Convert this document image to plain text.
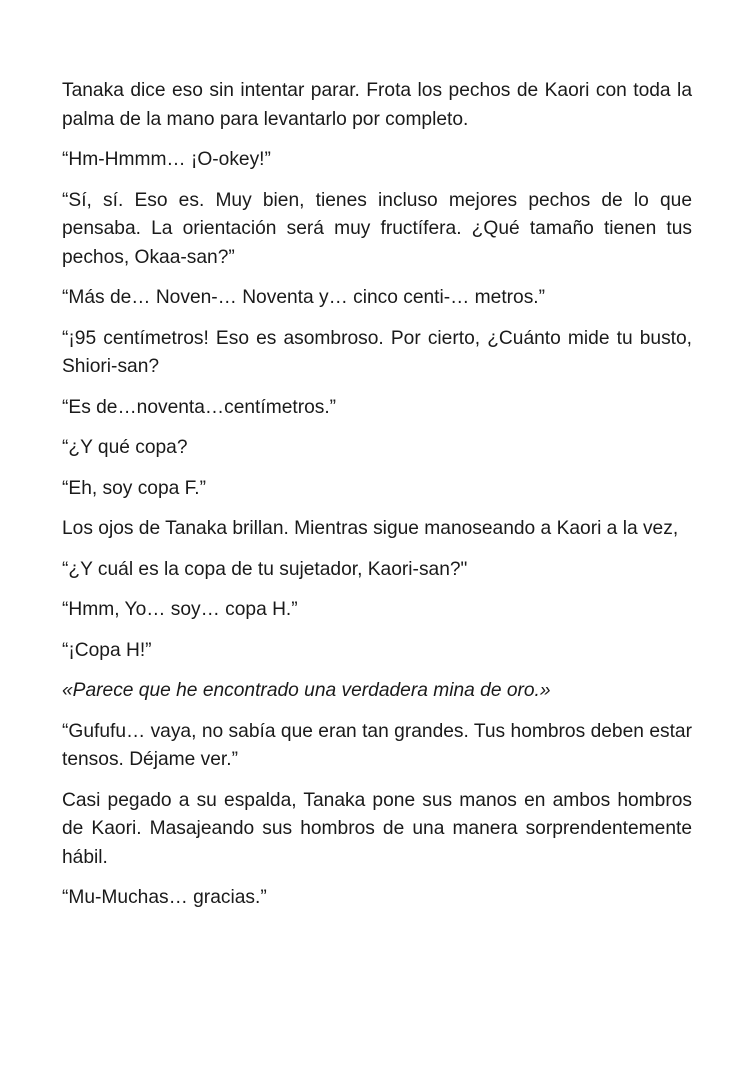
Tanaka dice eso sin intentar parar. Frota los pechos de Kaori con toda la palma de la mano para levantarlo por completo.

“Hm-Hmmm… ¡O-okey!”

“Sí, sí. Eso es. Muy bien, tienes incluso mejores pechos de lo que pensaba. La orientación será muy fructífera. ¿Qué tamaño tienen tus pechos, Okaa-san?”

“Más de… Noven-… Noventa y… cinco centi-… metros.”

“¡95 centímetros! Eso es asombroso. Por cierto, ¿Cuánto mide tu busto, Shiori-san?

“Es de…noventa…centímetros.”

“¿Y qué copa?

“Eh, soy copa F.”

Los ojos de Tanaka brillan. Mientras sigue manoseando a Kaori a la vez,

“¿Y cuál es la copa de tu sujetador, Kaori-san?"

“Hmm, Yo… soy… copa H.”

“¡Copa H!”

«Parece que he encontrado una verdadera mina de oro.»

“Gufufu… vaya, no sabía que eran tan grandes. Tus hombros deben estar tensos. Déjame ver.”

Casi pegado a su espalda, Tanaka pone sus manos en ambos hombros de Kaori. Masajeando sus hombros de una manera sorprendentemente hábil.

“Mu-Muchas… gracias.”
